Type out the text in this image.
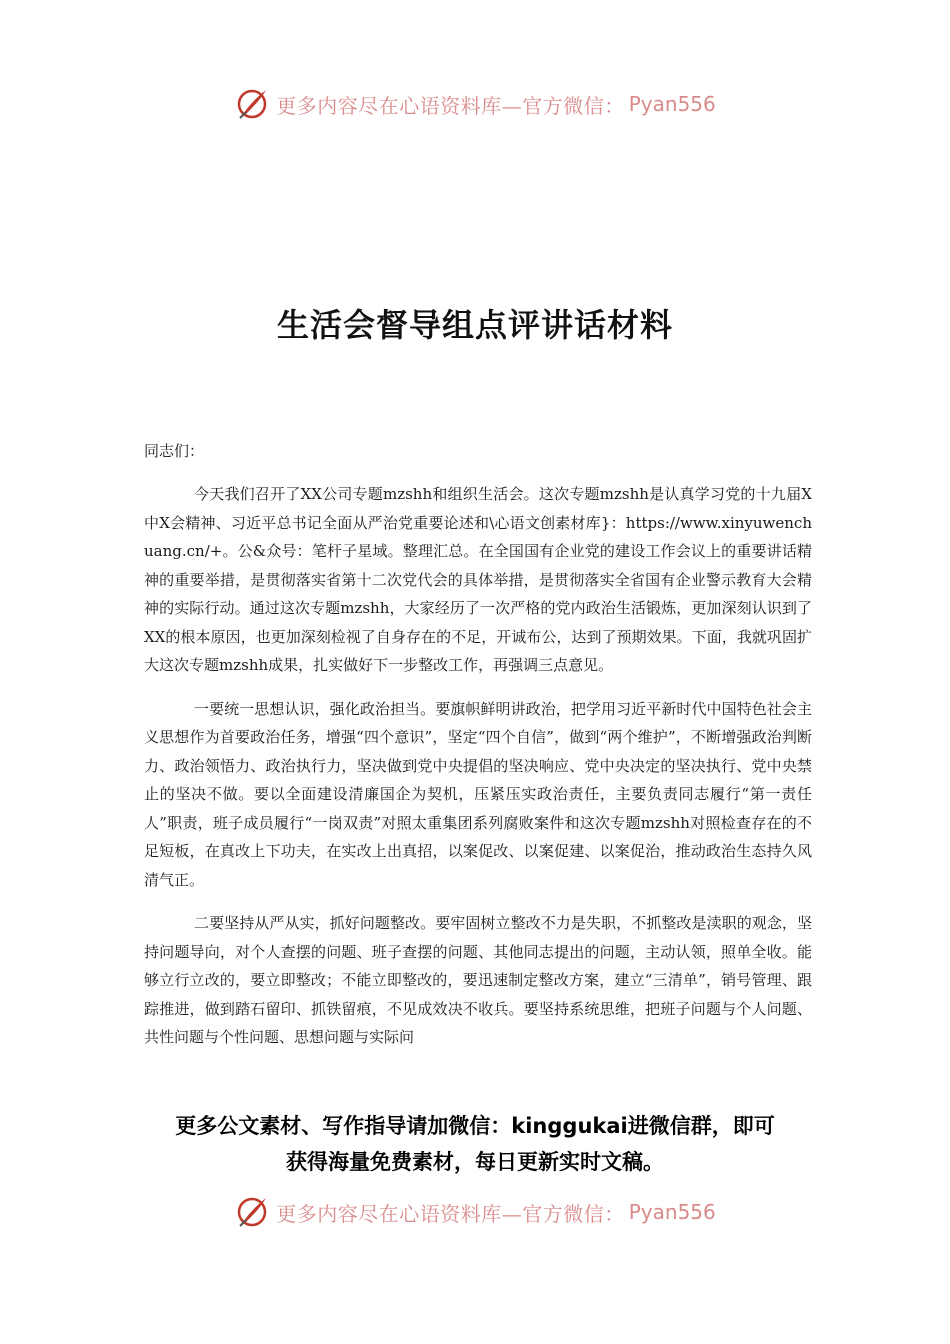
更多内容尽在心语资料库—官方微信： Pyan556
生活会督导组点评讲话材料

同志们：

今天我们召开了XX公司专题mzshh和组织生活会。这次专题mzshh是认真学习党的十九届X中X会精神、习近平总书记全面从严治党重要论述和\心语文创素材库}：https://www.xinyuwenchuang.cn/+。公&众号：笔杆子星域。整理汇总。在全国国有企业党的建设工作会议上的重要讲话精神的重要举措，是贯彻落实省第十二次党代会的具体举措，是贯彻落实全省国有企业警示教育大会精神的实际行动。通过这次专题mzshh，大家经历了一次严格的党内政治生活锻炼，更加深刻认识到了XX的根本原因，也更加深刻检视了自身存在的不足，开诚布公，达到了预期效果。下面，我就巩固扩大这次专题mzshh成果，扎实做好下一步整改工作，再强调三点意见。

一要统一思想认识，强化政治担当。要旗帜鲜明讲政治，把学用习近平新时代中国特色社会主义思想作为首要政治任务，增强“四个意识”，坚定“四个自信”，做到“两个维护”，不断增强政治判断力、政治领悟力、政治执行力，坚决做到党中央提倡的坚决响应、党中央决定的坚决执行、党中央禁止的坚决不做。要以全面建设清廉国企为契机，压紧压实政治责任，主要负责同志履行“第一责任人”职责，班子成员履行“一岗双责”对照太重集团系列腐败案件和这次专题mzshh对照检查存在的不足短板，在真改上下功夫，在实改上出真招，以案促改、以案促建、以案促治，推动政治生态持久风清气正。

二要坚持从严从实，抓好问题整改。要牢固树立整改不力是失职，不抓整改是渎职的观念，坚持问题导向，对个人查摆的问题、班子查摆的问题、其他同志提出的问题，主动认领，照单全收。能够立行立改的，要立即整改；不能立即整改的，要迅速制定整改方案，建立“三清单”，销号管理、跟踪推进，做到踏石留印、抓铁留痕，不见成效决不收兵。要坚持系统思维，把班子问题与个人问题、共性问题与个性问题、思想问题与实际问

更多公文素材、写作指导请加微信：kinggukai进微信群，即可

获得海量免费素材，每日更新实时文稿。

更多内容尽在心语资料库—官方微信： Pyan556
